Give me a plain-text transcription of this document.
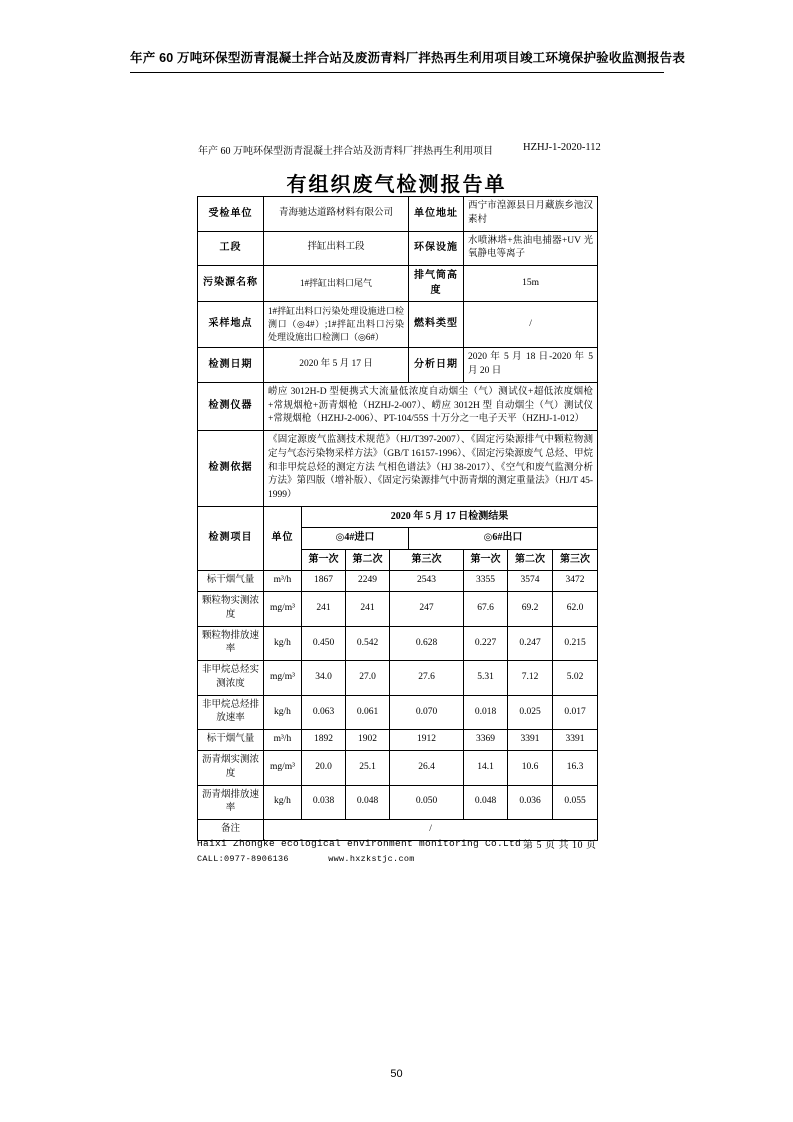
年产 60 万吨环保型沥青混凝土拌合站及废沥青料厂拌热再生利用项目竣工环境保护验收监测报告表
年产 60 万吨环保型沥青混凝土拌合站及沥青料厂拌热再生利用项目	HZHJ-1-2020-112
有组织废气检测报告单
受检单位	青海驰达道路材料有限公司				单位地址	西宁市湟源县日月藏族乡池汉素村		
工段	拌缸出料工段				环保设施	水喷淋塔+焦油电捕器+UV 光氧静电等离子		
污染源名称	1#拌缸出料口尾气				排气筒高度	15m		
采样地点	1#拌缸出料口污染处理设施进口检测口（◎4#）;1#拌缸出料口污染处理设施出口检测口（◎6#）				燃料类型	/		
检测日期	2020 年 5 月 17 日				分析日期	2020 年 5 月 18 日-2020 年 5 月 20 日		
检测仪器	崂应 3012H-D 型便携式大流量低浓度自动烟尘（气）测试仪+超低浓度烟枪+常规烟枪+沥青烟枪（HZHJ-2-007）、崂应 3012H 型 自动烟尘（气）测试仪+常规烟枪（HZHJ-2-006）、PT-104/55S 十万分之一电子天平（HZHJ-1-012）							
检测依据	《固定源废气监测技术规范》（HJ/T397-2007）、《固定污染源排气中颗粒物测定与气态污染物采样方法》（GB/T 16157-1996）、《固定污染源废气 总烃、甲烷和非甲烷总烃的测定方法 气相色谱法》（HJ 38-2017）、《空气和废气监测分析方法》第四版（增补版）、《固定污染源排气中沥青烟的测定重量法》（HJ/T 45-1999）							
检测项目	单位	2020 年 5 月 17 日检测结果						
		◎4#进口			◎6#出口			
		第一次	第二次	第三次		第一次	第二次	第三次
标干烟气量	m³/h	1867	2249	2543		3355	3574	3472
颗粒物实测浓度	mg/m³	241	241	247		67.6	69.2	62.0
颗粒物排放速率	kg/h	0.450	0.542	0.628		0.227	0.247	0.215
非甲烷总烃实测浓度	mg/m³	34.0	27.0	27.6		5.31	7.12	5.02
非甲烷总烃排放速率	kg/h	0.063	0.061	0.070		0.018	0.025	0.017
标干烟气量	m³/h	1892	1902	1912		3369	3391	3391
沥青烟实测浓度	mg/m³	20.0	25.1	26.4		14.1	10.6	16.3
沥青烟排放速率	kg/h	0.038	0.048	0.050		0.048	0.036	0.055
备注	/							
Haixi Zhongke ecological environment monitoring Co.Ltd
CALL:0977-8906136	www.hxzkstjc.com
第 5 页 共 10 页
50
